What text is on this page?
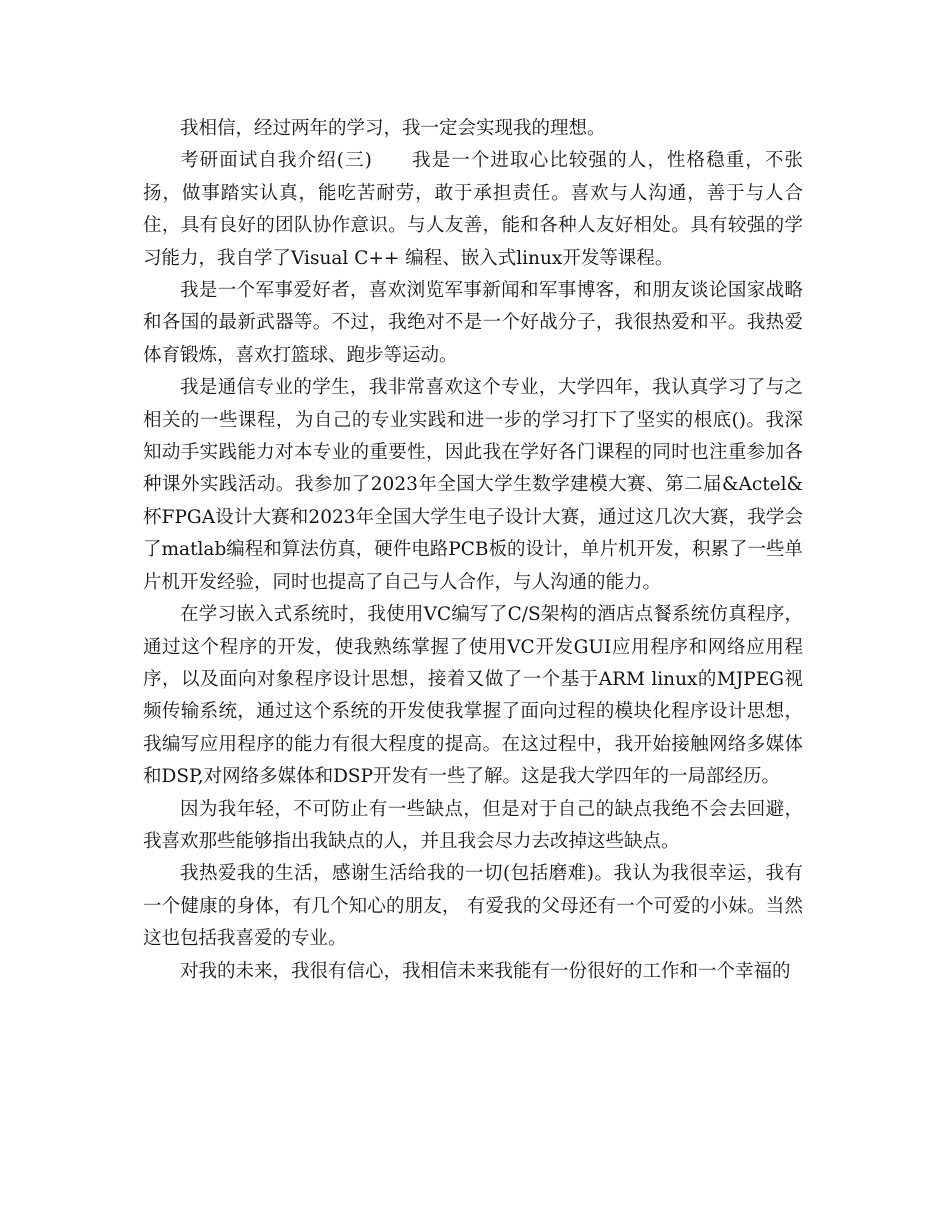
我相信，经过两年的学习，我一定会实现我的理想。

考研面试自我介绍(三)　　我是一个进取心比较强的人，性格稳重，不张扬，做事踏实认真，能吃苦耐劳，敢于承担责任。喜欢与人沟通，善于与人合住，具有良好的团队协作意识。与人友善，能和各种人友好相处。具有较强的学习能力，我自学了Visual C++ 编程、嵌入式linux开发等课程。

我是一个军事爱好者，喜欢浏览军事新闻和军事博客，和朋友谈论国家战略和各国的最新武器等。不过，我绝对不是一个好战分子，我很热爱和平。我热爱体育锻炼，喜欢打篮球、跑步等运动。

我是通信专业的学生，我非常喜欢这个专业，大学四年，我认真学习了与之相关的一些课程，为自己的专业实践和进一步的学习打下了坚实的根底()。我深知动手实践能力对本专业的重要性，因此我在学好各门课程的同时也注重参加各种课外实践活动。我参加了2023年全国大学生数学建模大赛、第二届&Actel&杯FPGA设计大赛和2023年全国大学生电子设计大赛，通过这几次大赛，我学会了matlab编程和算法仿真，硬件电路PCB板的设计，单片机开发，积累了一些单片机开发经验，同时也提高了自己与人合作，与人沟通的能力。

在学习嵌入式系统时，我使用VC编写了C/S架构的酒店点餐系统仿真程序，通过这个程序的开发，使我熟练掌握了使用VC开发GUI应用程序和网络应用程序，以及面向对象程序设计思想，接着又做了一个基于ARM linux的MJPEG视频传输系统，通过这个系统的开发使我掌握了面向过程的模块化程序设计思想，我编写应用程序的能力有很大程度的提高。在这过程中，我开始接触网络多媒体和DSP,对网络多媒体和DSP开发有一些了解。这是我大学四年的一局部经历。

因为我年轻，不可防止有一些缺点，但是对于自己的缺点我绝不会去回避，我喜欢那些能够指出我缺点的人，并且我会尽力去改掉这些缺点。

我热爱我的生活，感谢生活给我的一切(包括磨难)。我认为我很幸运，我有一个健康的身体，有几个知心的朋友， 有爱我的父母还有一个可爱的小妹。当然这也包括我喜爱的专业。

对我的未来，我很有信心，我相信未来我能有一份很好的工作和一个幸福的
